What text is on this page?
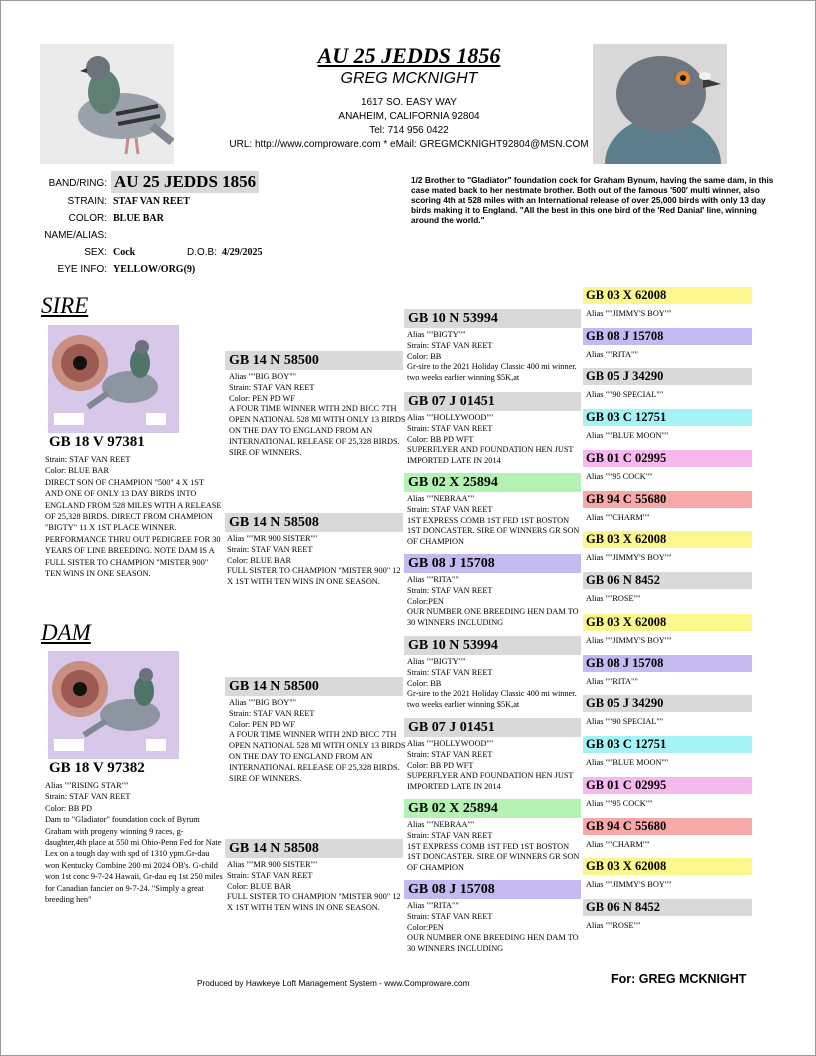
AU 25 JEDDS 1856
GREG MCKNIGHT
1617 SO. EASY WAY
ANAHEIM, CALIFORNIA 92804
Tel: 714 956 0422
URL: http://www.comproware.com * eMail: GREGMCKNIGHT92804@MSN.COM
BAND/RING: AU 25 JEDDS 1856
STRAIN: STAF VAN REET
COLOR: BLUE BAR
NAME/ALIAS:
SEX: Cock	D.O.B: 4/29/2025
EYE INFO: YELLOW/ORG(9)
1/2 Brother to "Gladiator" foundation cock for Graham Bynum, having the same dam, in this case mated back to her nestmate brother. Both out of the famous '500' multi winner, also scoring 4th at 528 miles with an International release of over 25,000 birds with only 13 day birds making it to England. "All the best in this one bird of the 'Red Danial' line, winning around the world."
SIRE
GB 18 V 97381
Strain: STAF VAN REET
Color: BLUE BAR
DIRECT SON OF CHAMPION "500" 4 X 1ST AND ONE OF ONLY 13 DAY BIRDS INTO ENGLAND FROM 528 MILES WITH A RELEASE OF 25,328 BIRDS. DIRECT FROM CHAMPION "BIGTY" 11 X 1ST PLACE WINNER. PERFORMANCE THRU OUT PEDIGREE FOR 30 YEARS OF LINE BREEDING. NOTE DAM IS A FULL SISTER TO CHAMPION "MISTER 900" TEN WINS IN ONE SEASON.
DAM
GB 18 V 97382
Alias ""RISING STAR""
Strain: STAF VAN REET
Color: BB PD
Dam to "Gladiator" foundation cock of Byrum Graham with progeny winning 9 races, g-daughter,4th place at 550 mi Ohio-Penn Fed for Nate Lex on a tough day with spd of 1310 ypm.Gr-dau won Kentucky Combine 200 mi 2024 OB's. G-child won 1st conc 9-7-24 Hawaii, Gr-dau eq 1st 250 miles for Canadian fancier on 9-7-24. "Simply a great breeding hen"
GB 14 N 58500
Alias ""BIG BOY""
Strain: STAF VAN REET
Color: PEN PD WF
A FOUR TIME WINNER WITH 2ND BICC 7TH OPEN NATIONAL 528 MI WITH ONLY 13 BIRDS ON THE DAY TO ENGLAND FROM AN INTERNATIONAL RELEASE OF 25,328 BIRDS. SIRE OF WINNERS.
GB 14 N 58508
Alias ""MR 900 SISTER""
Strain: STAF VAN REET
Color: BLUE BAR
FULL SISTER TO CHAMPION "MISTER 900" 12 X 1ST WITH TEN WINS IN ONE SEASON.
GB 14 N 58500
Alias ""BIG BOY""
Strain: STAF VAN REET
Color: PEN PD WF
A FOUR TIME WINNER WITH 2ND BICC 7TH OPEN NATIONAL 528 MI WITH ONLY 13 BIRDS ON THE DAY TO ENGLAND FROM AN INTERNATIONAL RELEASE OF 25,328 BIRDS. SIRE OF WINNERS.
GB 14 N 58508
Alias ""MR 900 SISTER""
Strain: STAF VAN REET
Color: BLUE BAR
FULL SISTER TO CHAMPION "MISTER 900" 12 X 1ST WITH TEN WINS IN ONE SEASON.
GB 10 N 53994
Alias ""BIGTY""
Strain: STAF VAN REET
Color: BB
Gr-sire to the 2021 Holiday Classic 400 mi winner. two weeks earlier winning $5K,at
GB 07 J 01451
Alias ""HOLLYWOOD""
Strain: STAF VAN REET
Color: BB PD WFT
SUPERFLYER AND FOUNDATION HEN JUST IMPORTED LATE IN 2014
GB 02 X 25894
Alias ""NEBRAA""
Strain: STAF VAN REET
1ST EXPRESS COMB 1ST FED 1ST BOSTON 1ST DONCASTER. SIRE OF WINNERS GR SON OF CHAMPION
GB 08 J 15708
Alias ""RITA""
Strain: STAF VAN REET
Color:PEN
OUR NUMBER ONE BREEDING HEN DAM TO 30 WINNERS INCLUDING
GB 10 N 53994
Alias ""BIGTY""
Strain: STAF VAN REET
Color: BB
Gr-sire to the 2021 Holiday Classic 400 mi winner. two weeks earlier winning $5K,at
GB 07 J 01451
Alias ""HOLLYWOOD""
Strain: STAF VAN REET
Color: BB PD WFT
SUPERFLYER AND FOUNDATION HEN JUST IMPORTED LATE IN 2014
GB 02 X 25894
Alias ""NEBRAA""
Strain: STAF VAN REET
1ST EXPRESS COMB 1ST FED 1ST BOSTON 1ST DONCASTER. SIRE OF WINNERS GR SON OF CHAMPION
GB 08 J 15708
Alias ""RITA""
Strain: STAF VAN REET
Color:PEN
OUR NUMBER ONE BREEDING HEN DAM TO 30 WINNERS INCLUDING
GB 03 X 62008
Alias ""JIMMY'S BOY""
GB 08 J 15708
Alias ""RITA""
GB 05 J 34290
Alias ""90 SPECIAL""
GB 03 C 12751
Alias ""BLUE MOON""
GB 01 C 02995
Alias ""95 COCK""
GB 94 C 55680
Alias ""CHARM""
GB 03 X 62008
Alias ""JIMMY'S BOY""
GB 06 N 8452
Alias ""ROSE""
GB 03 X 62008
Alias ""JIMMY'S BOY""
GB 08 J 15708
Alias ""RITA""
GB 05 J 34290
Alias ""90 SPECIAL""
GB 03 C 12751
Alias ""BLUE MOON""
GB 01 C 02995
Alias ""95 COCK""
GB 94 C 55680
Alias ""CHARM""
GB 03 X 62008
Alias ""JIMMY'S BOY""
GB 06 N 8452
Alias ""ROSE""
Produced by Hawkeye Loft Management System - www.Comproware.com	For: GREG MCKNIGHT
